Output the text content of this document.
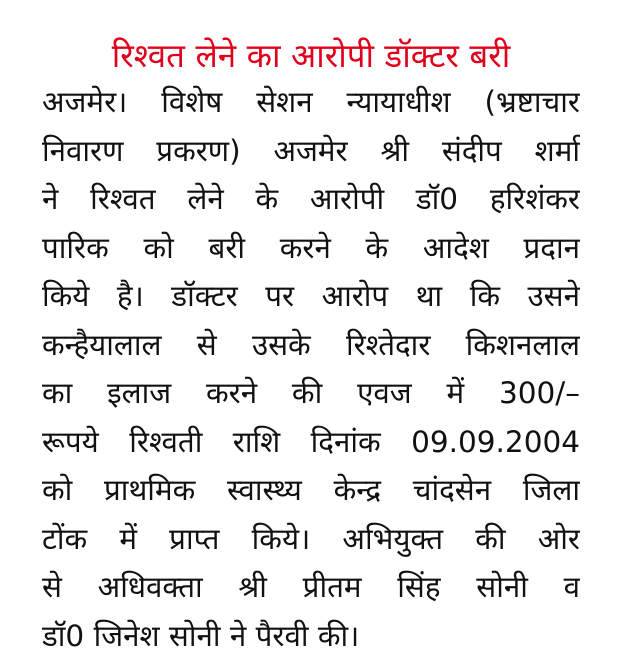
रिश्वत लेने का आरोपी डॉक्टर बरी
अजमेर। विशेष सेशन न्यायाधीश (भ्रष्टाचार
निवारण प्रकरण) अजमेर श्री संदीप शर्मा
ने रिश्वत लेने के आरोपी डॉ0 हरिशंकर
पारिक को बरी करने के आदेश प्रदान
किये है। डॉक्टर पर आरोप था कि उसने
कन्हैयालाल से उसके रिश्तेदार किशनलाल
का इलाज करने की एवज में 300/–
रूपये रिश्वती राशि दिनांक 09.09.2004
को प्राथमिक स्वास्थ्य केन्द्र चांदसेन जिला
टोंक में प्राप्त किये। अभियुक्त की ओर
से अधिवक्ता श्री प्रीतम सिंह सोनी व
डॉ0 जिनेश सोनी ने पैरवी की।
